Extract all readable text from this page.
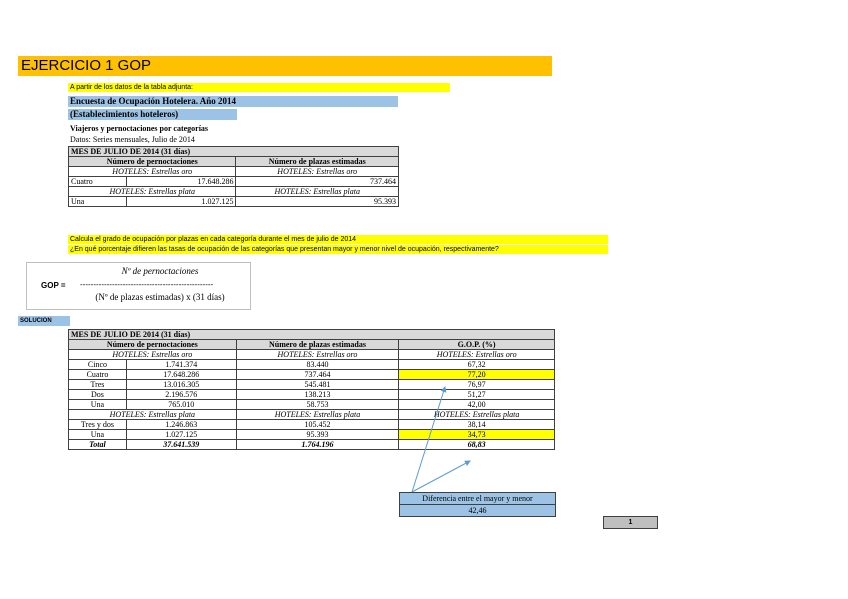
EJERCICIO 1 GOP
A partir de los datos de la tabla adjunta:
Encuesta de Ocupación Hotelera. Año 2014
(Establecimientos hoteleros)
Viajeros y pernoctaciones por categorías
Datos: Series mensuales, Julio de 2014
MES DE JULIO DE 2014 (31 días)		
Número de pernoctaciones		Número de plazas estimadas
HOTELES: Estrellas oro		HOTELES: Estrellas oro
Cuatro	17.648.286	737.464
HOTELES: Estrellas plata		HOTELES: Estrellas plata
Una	1.027.125	95.393
Calcula el grado de ocupación por plazas en cada categoría durante el mes de julio de 2014
¿En qué porcentaje difieren las tasas de ocupación de las categorías que presentan mayor y menor nivel de ocupación, respectivamente?
Nº de pernoctaciones
GOP = --------------------------------------------------
(Nº de plazas estimadas) x (31 días)
SOLUCION
MES DE JULIO DE 2014 (31 días)			
Número de pernoctaciones		Número de plazas estimadas	G.O.P. (%)
HOTELES: Estrellas oro		HOTELES: Estrellas oro	HOTELES: Estrellas oro
Cinco	1.741.374	83.440	67,32
Cuatro	17.648.286	737.464	77,20
Tres	13.016.305	545.481	76,97
Dos	2.196.576	138.213	51,27
Una	765.010	58.753	42,00
HOTELES: Estrellas plata		HOTELES: Estrellas plata	HOTELES: Estrellas plata
Tres y dos	1.246.863	105.452	38,14
Una	1.027.125	95.393	34,73
Total	37.641.539	1.764.196	68,83
Diferencia entre el mayor y menor
42,46
1
